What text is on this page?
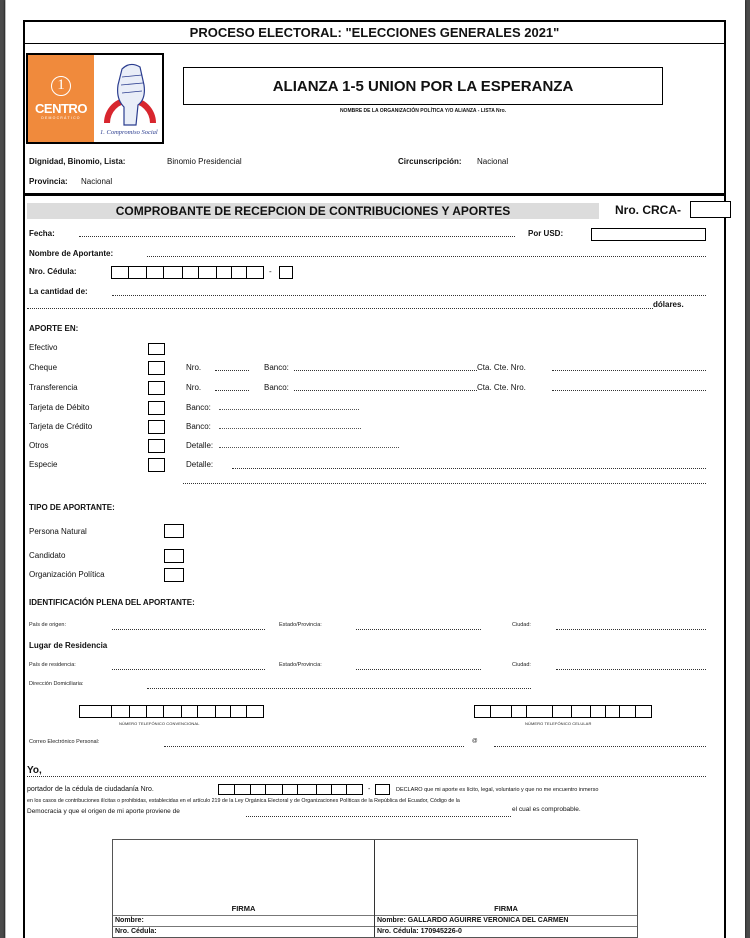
PROCESO ELECTORAL: "ELECCIONES GENERALES 2021"
1
CENTRO
DEMOCRÁTICO
1. Compromiso Social
ALIANZA 1-5 UNION POR LA ESPERANZA
NOMBRE DE LA ORGANIZACIÓN POLÍTICA Y/O ALIANZA - LISTA Nro.
Dignidad, Binomio, Lista:	Binomio Presidencial	Circunscripción: Nacional
Provincia: Nacional
COMPROBANTE DE RECEPCION DE CONTRIBUCIONES Y APORTES	Nro. CRCA-
Fecha:	Por USD:
Nombre de Aportante:
Nro. Cédula:	-
La cantidad de:
dólares.
APORTE EN:
Efectivo
Cheque	Nro.	Banco:	Cta. Cte. Nro.
Transferencia	Nro.	Banco:	Cta. Cte. Nro.
Tarjeta de Débito	Banco:
Tarjeta de Crédito	Banco:
Otros	Detalle:
Especie	Detalle:
TIPO DE APORTANTE:
Persona Natural
Candidato
Organización Política
IDENTIFICACIÓN PLENA DEL APORTANTE:
País de origen:	Estado/Provincia:	Ciudad:
Lugar de Residencia
País de residencia:	Estado/Provincia:	Ciudad:
Dirección Domiciliaria:
NÚMERO TELEFÓNICO CONVENCIONAL	NÚMERO TELEFÓNICO CELULAR
Correo Electrónico Personal:	@
Yo,
portador de la cédula de ciudadanía Nro.	-	DECLARO que mi aporte es lícito, legal, voluntario y que no me encuentro inmerso
en los casos de contribuciones ilícitas o prohibidas, establecidas en el artículo 219 de la Ley Orgánica Electoral y de Organizaciones Políticas de la República del Ecuador, Código de la
Democracia y que el origen de mi aporte proviene de	el cual es comprobable.
FIRMA
Nombre:
Nro. Cédula:
FIRMA
Nombre: GALLARDO AGUIRRE VERONICA DEL CARMEN
Nro. Cédula: 170945226-0
